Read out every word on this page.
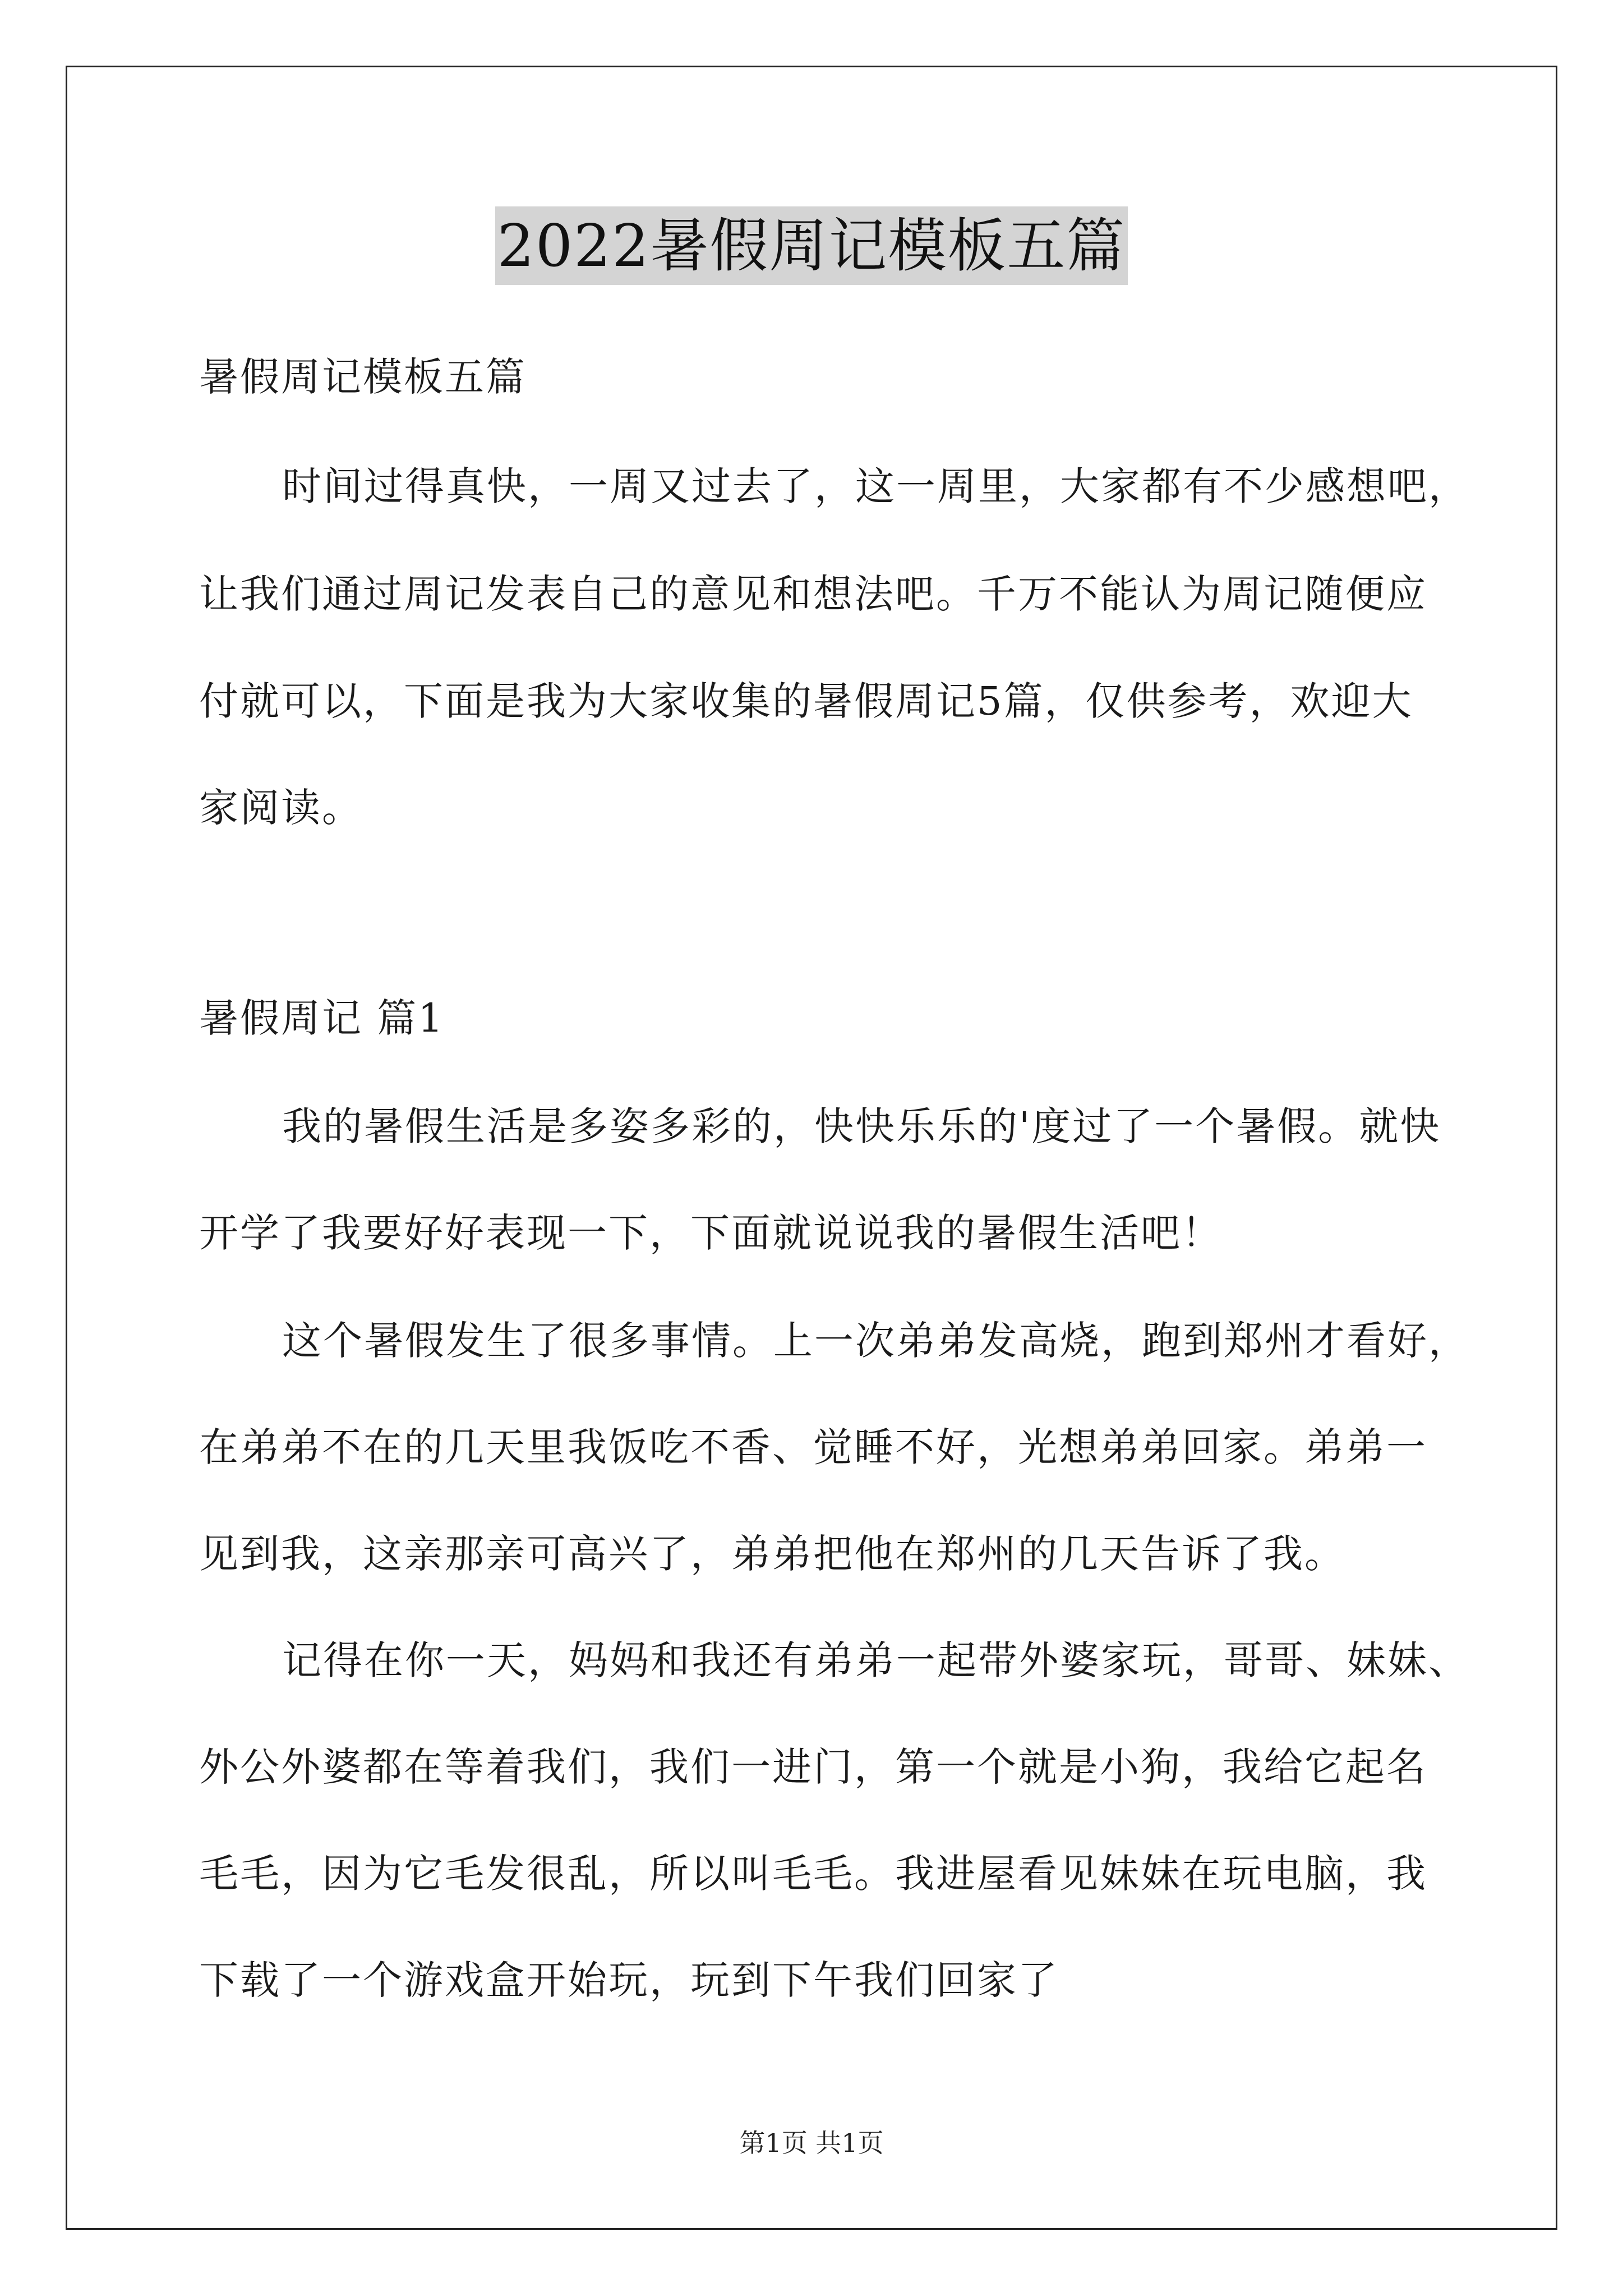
2022暑假周记模板五篇
暑假周记模板五篇
时间过得真快，一周又过去了，这一周里，大家都有不少感想吧，
让我们通过周记发表自己的意见和想法吧。千万不能认为周记随便应
付就可以，下面是我为大家收集的暑假周记5篇，仅供参考，欢迎大
家阅读。
暑假周记 篇1
我的暑假生活是多姿多彩的，快快乐乐的'度过了一个暑假。就快
开学了我要好好表现一下，下面就说说我的暑假生活吧！
这个暑假发生了很多事情。上一次弟弟发高烧，跑到郑州才看好，
在弟弟不在的几天里我饭吃不香、觉睡不好，光想弟弟回家。弟弟一
见到我，这亲那亲可高兴了，弟弟把他在郑州的几天告诉了我。
记得在你一天，妈妈和我还有弟弟一起带外婆家玩，哥哥、妹妹、
外公外婆都在等着我们，我们一进门，第一个就是小狗，我给它起名
毛毛，因为它毛发很乱，所以叫毛毛。我进屋看见妹妹在玩电脑，我
下载了一个游戏盒开始玩，玩到下午我们回家了
第1页 共1页
